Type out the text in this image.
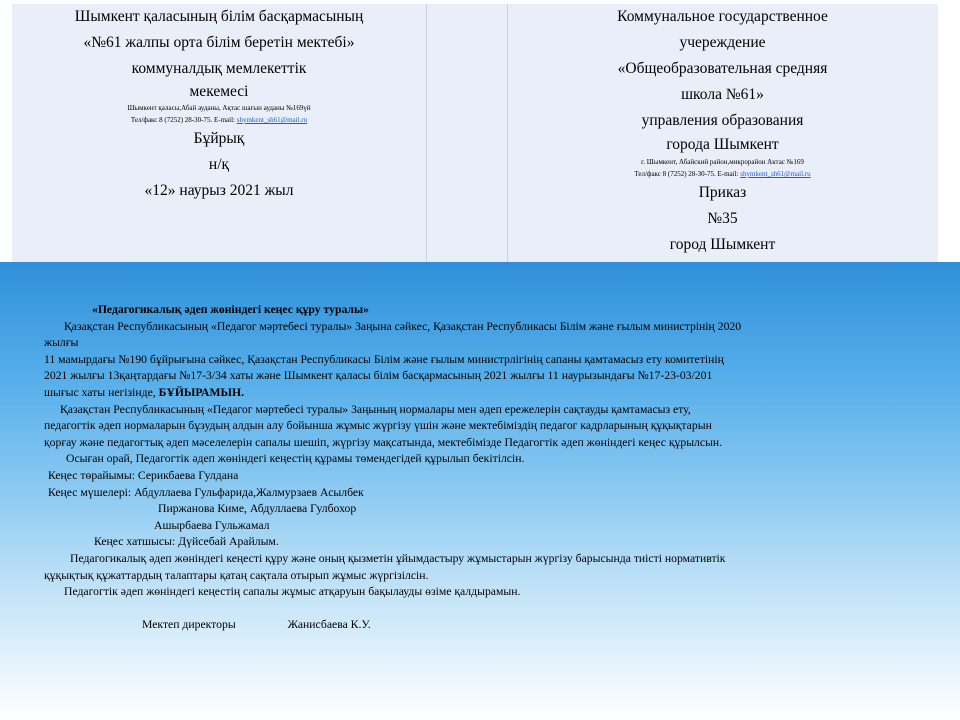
Шымкент қаласының білім басқармасының
«№61 жалпы орта білім беретін мектебі»
коммуналдық мемлекеттік
мекемесі
Шымкент қаласы,Абай ауданы, Ақтас шағын ауданы №169үй
Тел/факс 8 (7252) 28-30-75. E-mail: shymkent_sh61@mail.ru
Бұйрық
н/қ
«12» наурыз 2021 жыл
Коммунальное государственное
учереждение
«Общеобразовательная средняя
школа №61»
управления образования
города Шымкент
г. Шымкент, Абайский район,микрорайон Актас №169
Тел/факс 8 (7252) 28-30-75. E-mail: shymkent_sh61@mail.ru
Приказ
№35
город Шымкент

«Педагогикалық әдеп жөніндегі кеңес құру туралы»

Қазақстан Республикасының «Педагог мәртебесі туралы» Заңына сәйкес, Қазақстан Республикасы Білім және ғылым министрінің 2020

жылғы

11 мамырдағы №190 бұйрығына сәйкес, Қазақстан Республикасы Білім және ғылым министрлігінің сапаны қамтамасыз ету комитетінің

2021 жылғы 13қаңтардағы №17-3/34 хаты және Шымкент қаласы білім басқармасының 2021 жылғы 11 наурызындағы №17-23-03/201

шығыс хаты негізінде, БҰЙЫРАМЫН.

Қазақстан Республикасының «Педагог мәртебесі туралы» Заңының нормалары мен әдеп ережелерін сақтауды қамтамасыз ету,

педагогтік әдеп нормаларын бұзудың алдын алу бойынша жұмыс жүргізу үшін және мектебіміздің педагог кадрларының құқықтарын

қорғау және педагогтық әдеп мәселелерін сапалы шешіп, жүргізу мақсатында, мектебімізде Педагогтік әдеп жөніндегі кеңес құрылсын.

Осыған орай, Педагогтік әдеп жөніндегі кеңестің құрамы төмендегідей құрылып бекітілсін.

Кеңес төрайымы: Серикбаева Гулдана

Кеңес мүшелері: Абдуллаева Гульфарида,Жалмурзаев Асылбек

Пиржанова Киме, Абдуллаева Гулбохор

Ашырбаева Гульжамал

Кеңес хатшысы: Дүйсебай Арайлым.

Педагогикалық әдеп жөніндегі кеңесті құру және оның қызметін ұйымдастыру жұмыстарын жүргізу барысында тиісті нормативтік

құқықтық құжаттардың талаптары қатаң сақтала отырып жұмыс жүргізілсін.

Педагогтік әдеп жөніндегі кеңестің сапалы жұмыс атқаруын бақылауды өзіме қалдырамын.

Мектеп директоры	Жанисбаева К.У.
